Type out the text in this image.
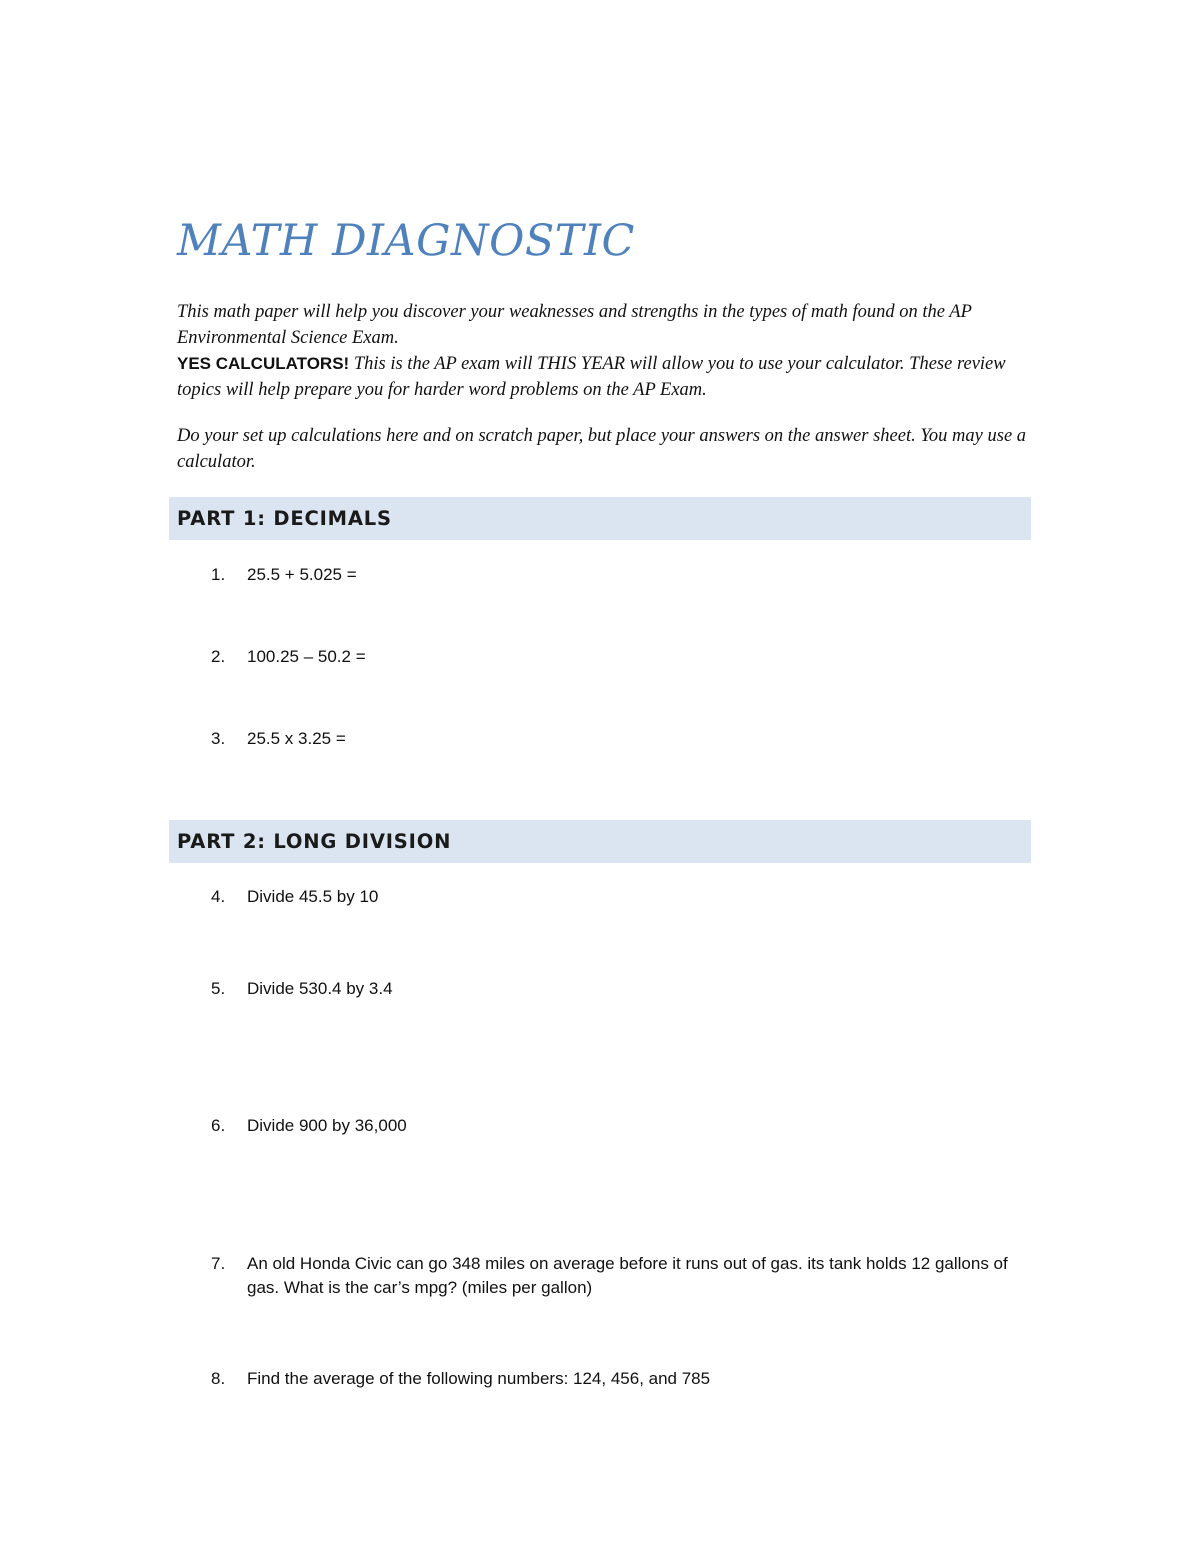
MATH DIAGNOSTIC

This math paper will help you discover your weaknesses and strengths in the types of math found on the AP Environmental Science Exam.
YES CALCULATORS! This is the AP exam will THIS YEAR will allow you to use your calculator. These review topics will help prepare you for harder word problems on the AP Exam.

Do your set up calculations here and on scratch paper, but place your answers on the answer sheet. You may use a calculator.

PART 1: DECIMALS
1.	25.5 + 5.025 =
2.	100.25 – 50.2 =
3.	25.5 x 3.25 =
PART 2: LONG DIVISION
4.	Divide 45.5 by 10
5.	Divide 530.4 by 3.4
6.	Divide 900 by 36,000
7.	An old Honda Civic can go 348 miles on average before it runs out of gas. its tank holds 12 gallons of gas. What is the car’s mpg? (miles per gallon)
8.	Find the average of the following numbers: 124, 456, and 785
